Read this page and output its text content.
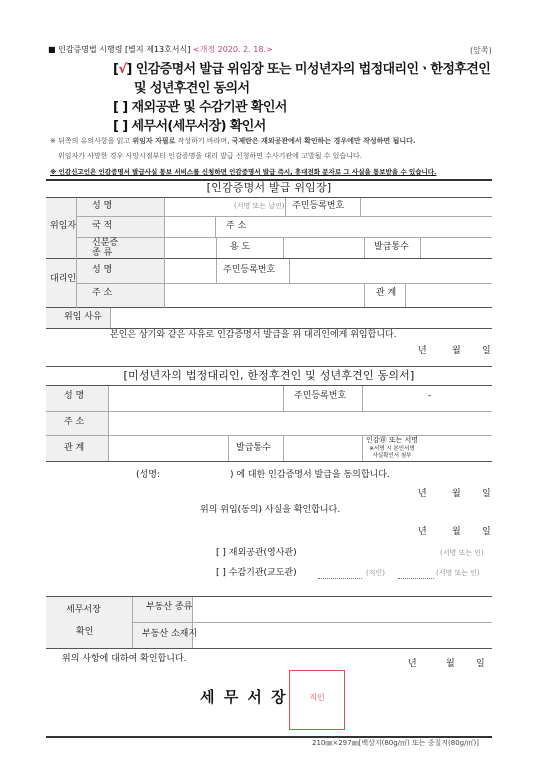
■ 인감증명법 시행령 [별지 제13호서식] <개정 2020. 2. 18.>	(앞쪽)
[√] 인감증명서 발급 위임장 또는 미성년자의 법정대리인ㆍ한정후견인
및 성년후견인 동의서
[ ] 재외공관 및 수감기관 확인서
[ ] 세무서(세무서장) 확인서
※ 뒤쪽의 유의사항을 읽고 위임자 자필로 작성하기 바라며, 국제란은 재외공관에서 확인하는 경우에만 작성하면 됩니다.
위임자가 사망한 경우 사망시점부터 인감증명을 대리 발급 신청하면 수사기관에 고발될 수 있습니다.
※ 인감신고인은 인감증명서 발급사실 통보 서비스를 신청하면 인감증명서 발급 즉시, 휴대전화 문자로 그 사실을 통보받을 수 있습니다.
[인감증명서 발급 위임장]
위임자
성 명	(서명 또는 날인) 주민등록번호
국 적	주 소
신분증
종 류
용 도	발급통수
대리인
성 명	주민등록번호
주 소	관 계
위임 사유
본인은 상기와 같은 사유로 인감증명서 발급을 위 대리인에게 위임합니다.
년	월 일
[미성년자의 법정대리인, 한정후견인 및 성년후견인 동의서]
성 명	주민등록번호	-
주 소
관 계	발급통수
인감㊞ 또는 서명
※서명 시 본인서명
사실확인서 첨부
(성명:	) 에 대한 인감증명서 발급을 동의합니다.
년	월 일
위의 위임(동의) 사실을 확인합니다.
년	월 일
[ ] 재외공관(영사관)	(서명 또는 인)
[ ] 수감기관(교도관)	(직인)	(서명 또는 인)
세무서장
확인
부동산 종류
부동산 소재지
위의 사항에 대하여 확인합니다.	년	월 일
세 무 서 장	직인
210㎜×297㎜[백상지(80g/㎡) 또는 중질지(80g/㎡)]
